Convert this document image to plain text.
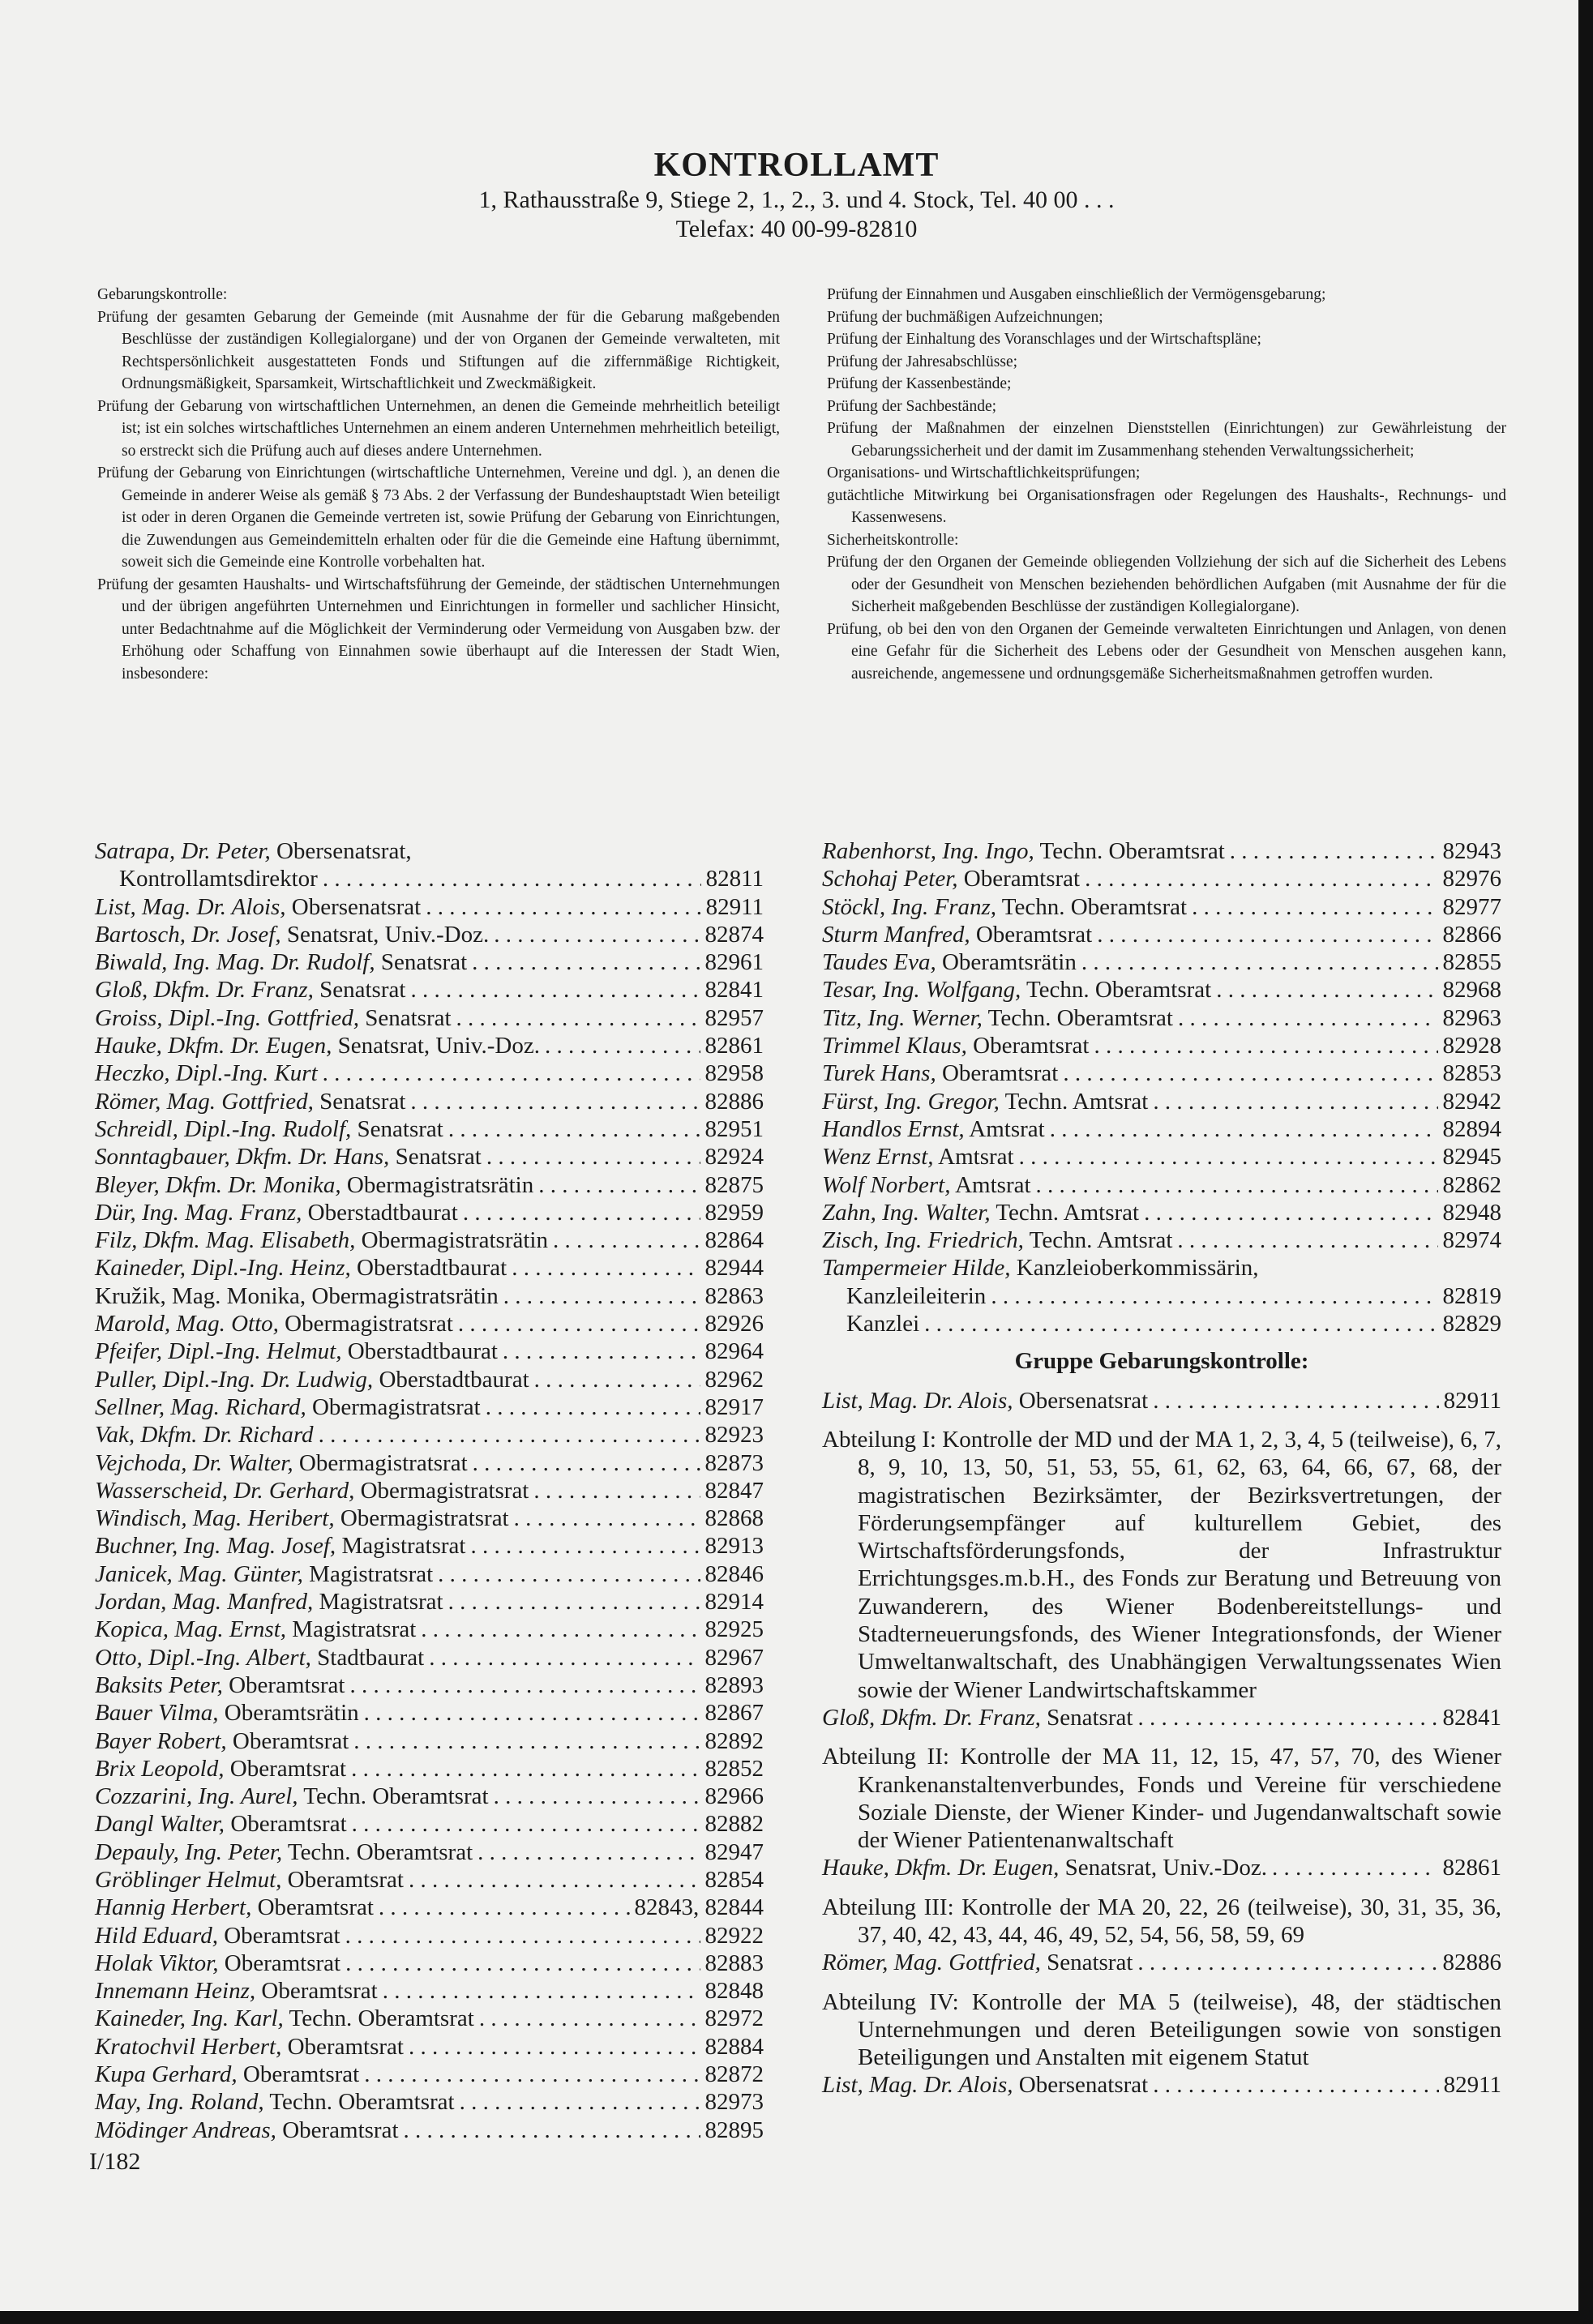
KONTROLLAMT
1, Rathausstraße 9, Stiege 2, 1., 2., 3. und 4. Stock, Tel. 40 00 . . .
Telefax: 40 00-99-82810

Gebarungskontrolle:

Prüfung der gesamten Gebarung der Gemeinde (mit Ausnahme der für die Gebarung maßgebenden Beschlüsse der zuständigen Kollegialorgane) und der von Organen der Gemeinde verwalteten, mit Rechtspersönlichkeit ausgestatteten Fonds und Stiftungen auf die ziffernmäßige Richtigkeit, Ordnungsmäßigkeit, Sparsamkeit, Wirtschaftlichkeit und Zweckmäßigkeit.

Prüfung der Gebarung von wirtschaftlichen Unternehmen, an denen die Gemeinde mehrheitlich beteiligt ist; ist ein solches wirtschaftliches Unternehmen an einem anderen Unternehmen mehrheitlich beteiligt, so erstreckt sich die Prüfung auch auf dieses andere Unternehmen.

Prüfung der Gebarung von Einrichtungen (wirtschaftliche Unternehmen, Vereine und dgl. ), an denen die Gemeinde in anderer Weise als gemäß § 73 Abs. 2 der Verfassung der Bundeshauptstadt Wien beteiligt ist oder in deren Organen die Gemeinde vertreten ist, sowie Prüfung der Gebarung von Einrichtungen, die Zuwendungen aus Gemeindemitteln erhalten oder für die die Gemeinde eine Haftung übernimmt, soweit sich die Gemeinde eine Kontrolle vorbehalten hat.

Prüfung der gesamten Haushalts- und Wirtschaftsführung der Gemeinde, der städtischen Unternehmungen und der übrigen angeführten Unternehmen und Einrichtungen in formeller und sachlicher Hinsicht, unter Bedachtnahme auf die Möglichkeit der Verminderung oder Vermeidung von Ausgaben bzw. der Erhöhung oder Schaffung von Einnahmen sowie überhaupt auf die Interessen der Stadt Wien, insbesondere:

Prüfung der Einnahmen und Ausgaben einschließlich der Vermögensgebarung;

Prüfung der buchmäßigen Aufzeichnungen;

Prüfung der Einhaltung des Voranschlages und der Wirtschaftspläne;

Prüfung der Jahresabschlüsse;

Prüfung der Kassenbestände;

Prüfung der Sachbestände;

Prüfung der Maßnahmen der einzelnen Dienststellen (Einrichtungen) zur Gewährleistung der Gebarungssicherheit und der damit im Zusammenhang stehenden Verwaltungssicherheit;

Organisations- und Wirtschaftlichkeitsprüfungen;

gutächtliche Mitwirkung bei Organisationsfragen oder Regelungen des Haushalts-, Rechnungs- und Kassenwesens.

Sicherheitskontrolle:

Prüfung der den Organen der Gemeinde obliegenden Vollziehung der sich auf die Sicherheit des Lebens oder der Gesundheit von Menschen beziehenden behördlichen Aufgaben (mit Ausnahme der für die Sicherheit maßgebenden Beschlüsse der zuständigen Kollegialorgane).

Prüfung, ob bei den von den Organen der Gemeinde verwalteten Einrichtungen und Anlagen, von denen eine Gefahr für die Sicherheit des Lebens oder der Gesundheit von Menschen ausgehen kann, ausreichende, angemessene und ordnungsgemäße Sicherheitsmaßnahmen getroffen wurden.

Satrapa, Dr. Peter, Obersenatsrat,
Kontrollamtsdirektor . . .	82811
List, Mag. Dr. Alois, Obersenatsrat . . .	82911
Bartosch, Dr. Josef, Senatsrat, Univ.-Doz. . . .	82874
Biwald, Ing. Mag. Dr. Rudolf, Senatsrat . . .	82961
Gloß, Dkfm. Dr. Franz, Senatsrat . . .	82841
Groiss, Dipl.-Ing. Gottfried, Senatsrat . . .	82957
Hauke, Dkfm. Dr. Eugen, Senatsrat, Univ.-Doz. . . .	82861
Heczko, Dipl.-Ing. Kurt . . .	82958
Römer, Mag. Gottfried, Senatsrat . . .	82886
Schreidl, Dipl.-Ing. Rudolf, Senatsrat . . .	82951
Sonntagbauer, Dkfm. Dr. Hans, Senatsrat . . .	82924
Bleyer, Dkfm. Dr. Monika, Obermagistratsrätin . . .	82875
Dür, Ing. Mag. Franz, Oberstadtbaurat . . .	82959
Filz, Dkfm. Mag. Elisabeth, Obermagistratsrätin . . .	82864
Kaineder, Dipl.-Ing. Heinz, Oberstadtbaurat . . .	82944
Kružik, Mag. Monika, Obermagistratsrätin . . .	82863
Marold, Mag. Otto, Obermagistratsrat . . .	82926
Pfeifer, Dipl.-Ing. Helmut, Oberstadtbaurat . . .	82964
Puller, Dipl.-Ing. Dr. Ludwig, Oberstadtbaurat . . .	82962
Sellner, Mag. Richard, Obermagistratsrat . . .	82917
Vak, Dkfm. Dr. Richard . . .	82923
Vejchoda, Dr. Walter, Obermagistratsrat . . .	82873
Wasserscheid, Dr. Gerhard, Obermagistratsrat . . .	82847
Windisch, Mag. Heribert, Obermagistratsrat . . .	82868
Buchner, Ing. Mag. Josef, Magistratsrat . . .	82913
Janicek, Mag. Günter, Magistratsrat . . .	82846
Jordan, Mag. Manfred, Magistratsrat . . .	82914
Kopica, Mag. Ernst, Magistratsrat . . .	82925
Otto, Dipl.-Ing. Albert, Stadtbaurat . . .	82967
Baksits Peter, Oberamtsrat . . .	82893
Bauer Vilma, Oberamtsrätin . . .	82867
Bayer Robert, Oberamtsrat . . .	82892
Brix Leopold, Oberamtsrat . . .	82852
Cozzarini, Ing. Aurel, Techn. Oberamtsrat . . .	82966
Dangl Walter, Oberamtsrat . . .	82882
Depauly, Ing. Peter, Techn. Oberamtsrat . . .	82947
Gröblinger Helmut, Oberamtsrat . . .	82854
Hannig Herbert, Oberamtsrat . . .	82843, 82844
Hild Eduard, Oberamtsrat . . .	82922
Holak Viktor, Oberamtsrat . . .	82883
Innemann Heinz, Oberamtsrat . . .	82848
Kaineder, Ing. Karl, Techn. Oberamtsrat . . .	82972
Kratochvil Herbert, Oberamtsrat . . .	82884
Kupa Gerhard, Oberamtsrat . . .	82872
May, Ing. Roland, Techn. Oberamtsrat . . .	82973
Mödinger Andreas, Oberamtsrat . . .	82895
Rabenhorst, Ing. Ingo, Techn. Oberamtsrat . . .	82943
Schohaj Peter, Oberamtsrat . . .	82976
Stöckl, Ing. Franz, Techn. Oberamtsrat . . .	82977
Sturm Manfred, Oberamtsrat . . .	82866
Taudes Eva, Oberamtsrätin . . .	82855
Tesar, Ing. Wolfgang, Techn. Oberamtsrat . . .	82968
Titz, Ing. Werner, Techn. Oberamtsrat . . .	82963
Trimmel Klaus, Oberamtsrat . . .	82928
Turek Hans, Oberamtsrat . . .	82853
Fürst, Ing. Gregor, Techn. Amtsrat . . .	82942
Handlos Ernst, Amtsrat . . .	82894
Wenz Ernst, Amtsrat . . .	82945
Wolf Norbert, Amtsrat . . .	82862
Zahn, Ing. Walter, Techn. Amtsrat . . .	82948
Zisch, Ing. Friedrich, Techn. Amtsrat . . .	82974
Tampermeier Hilde, Kanzleioberkommissärin,
Kanzleileiterin . . .	82819
Kanzlei . . .	82829
Gruppe Gebarungskontrolle:
List, Mag. Dr. Alois, Obersenatsrat . . .	82911
Abteilung I: Kontrolle der MD und der MA 1, 2, 3, 4, 5 (teilweise), 6, 7, 8, 9, 10, 13, 50, 51, 53, 55, 61, 62, 63, 64, 66, 67, 68, der magistratischen Bezirksämter, der Bezirksvertretungen, der Förderungsempfänger auf kulturellem Gebiet, des Wirtschaftsförderungsfonds, der Infrastruktur Errichtungsges.m.b.H., des Fonds zur Beratung und Betreuung von Zuwanderern, des Wiener Bodenbereitstellungs- und Stadterneuerungsfonds, des Wiener Integrationsfonds, der Wiener Umweltanwaltschaft, des Unabhängigen Verwaltungssenates Wien sowie der Wiener Landwirtschaftskammer
Gloß, Dkfm. Dr. Franz, Senatsrat . . .	82841
Abteilung II: Kontrolle der MA 11, 12, 15, 47, 57, 70, des Wiener Krankenanstaltenverbundes, Fonds und Vereine für verschiedene Soziale Dienste, der Wiener Kinder- und Jugendanwaltschaft sowie der Wiener Patientenanwaltschaft
Hauke, Dkfm. Dr. Eugen, Senatsrat, Univ.-Doz. . . .	82861
Abteilung III: Kontrolle der MA 20, 22, 26 (teilweise), 30, 31, 35, 36, 37, 40, 42, 43, 44, 46, 49, 52, 54, 56, 58, 59, 69
Römer, Mag. Gottfried, Senatsrat . . .	82886
Abteilung IV: Kontrolle der MA 5 (teilweise), 48, der städtischen Unternehmungen und deren Beteiligungen sowie von sonstigen Beteiligungen und Anstalten mit eigenem Statut
List, Mag. Dr. Alois, Obersenatsrat . . .	82911
I/182
